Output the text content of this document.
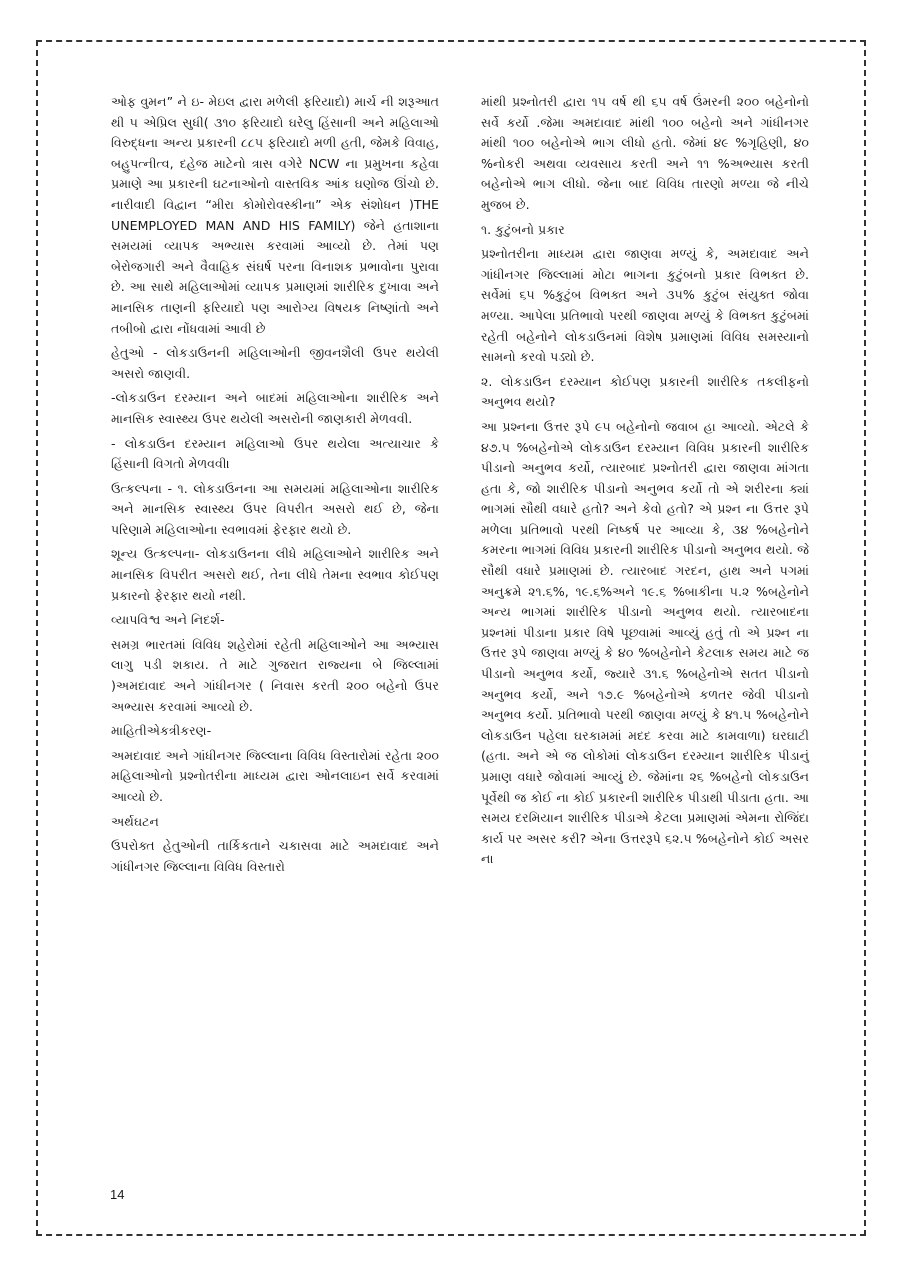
ઓફ વુમન” ને ઇ- મેઇલ દ્વારા મળેલી ફરિયાદો) માર્ચ ની શરૂઆત થી ૫ એપ્રિલ સુધી( ૩૧૦ ફરિયાદો ઘરેલુ હિંસાની અને મહિલાઓ વિરુદ્ધના અન્ય પ્રકારની ૮૮૫ ફરિયાદો મળી હતી, જેમકે વિવાહ, બહુપત્નીત્વ, દહેજ માટેનો ત્રાસ વગેરે NCW ના પ્રમુખના કહેવા પ્રમાણે આ પ્રકારની ઘટનાઓનો વાસ્તવિક આંક ઘણોજ ઊંચો છે. નારીવાદી વિદ્વાન “મીરા કોમોરોવસ્કીના” એક સંશોધન )THE UNEMPLOYED MAN AND HIS FAMILY) જેને હતાશાના સમયમાં વ્યાપક અભ્યાસ કરવામાં આવ્યો છે. તેમાં પણ બેરોજગારી અને વૈવાહિક સંઘર્ષ પરના વિનાશક પ્રભાવોના પુરાવા છે. આ સાથે મહિલાઓમાં વ્યાપક પ્રમાણમાં શારીરિક દુખાવા અને માનસિક તાણની ફરિયાદો પણ આરોગ્ય વિષયક નિષ્ણાંતો અને તબીબો દ્વારા નોંધવામાં આવી છે

હેતુઓ - લોકડાઉનની મહિલાઓની જીવનશૈલી ઉપર થયેલી અસરો જાણવી.

-લોકડાઉન દરમ્યાન અને બાદમાં મહિલાઓના શારીરિક અને માનસિક સ્વાસ્થ્ય ઉપર થયેલી અસરોની જાણકારી મેળવવી.

- લોકડાઉન દરમ્યાન મહિલાઓ ઉપર થયેલા અત્યાચાર કે હિંસાની વિગતો મેળવવી।

ઉત્કલ્પના - ૧. લોકડાઉનના આ સમયમાં મહિલાઓના શારીરિક અને માનસિક સ્વાસ્થ્ય ઉપર વિપરીત અસરો થઈ છે, જેના પરિણામે મહિલાઓના સ્વભાવમાં ફેરફાર થયો છે.

શૂન્ય ઉત્કલ્પના- લોકડાઉનના લીધે મહિલાઓને શારીરિક અને માનસિક વિપરીત અસરો થઈ, તેના લીધે તેમના સ્વભાવ કોઈપણ પ્રકારનો ફેરફાર થયો નથી.

વ્યાપવિશ્વ અને નિદર્શ-

સમગ્ર ભારતમાં વિવિધ શહેરોમાં રહેતી મહિલાઓને આ અભ્યાસ લાગુ પડી શકાય. તે માટે ગુજરાત રાજ્યના બે જિલ્લામાં )અમદાવાદ અને ગાંધીનગર ( નિવાસ કરતી ૨૦૦ બહેનો ઉપર અભ્યાસ કરવામાં આવ્યો છે.

માહિતીએકત્રીકરણ-

અમદાવાદ અને ગાંધીનગર જિલ્લાના વિવિધ વિસ્તારોમાં રહેતા ૨૦૦ મહિલાઓનો પ્રશ્નોતરીના માધ્યમ દ્વારા ઓનલાઇન સર્વે કરવામાં આવ્યો છે.

અર્થઘટન

ઉપરોક્ત હેતુઓની તાર્કિકતાને ચકાસવા માટે અમદાવાદ અને ગાંધીનગર જિલ્લાના વિવિધ વિસ્તારો

માંથી પ્રશ્નોતરી દ્વારા ૧૫ વર્ષ થી ૬૫ વર્ષ ઉંમરની ૨૦૦ બહેનોનો સર્વે કર્યો .જેમા અમદાવાદ માંથી ૧૦૦ બહેનો અને ગાંધીનગર માંથી ૧૦૦ બહેનોએ ભાગ લીધો હતો. જેમાં ૪૯ %ગૃહિણી, ૪૦ %નોકરી અથવા વ્યવસાય કરતી અને ૧૧ %અભ્યાસ કરતી બહેનોએ ભાગ લીધો. જેના બાદ વિવિધ તારણો મળ્યા જે નીચે મુજબ છે.

૧. કુટુંબનો પ્રકાર

પ્રશ્નોતરીના માધ્યમ દ્વારા જાણવા મળ્યું કે, અમદાવાદ અને ગાંધીનગર જિલ્લામાં મોટા ભાગના કુટુંબનો પ્રકાર વિભક્ત છે. સર્વેમાં ૬૫ %કુટુંબ વિભક્ત અને ૩૫% કુટુંબ સંયુક્ત જોવા મળ્યા. આપેલા પ્રતિભાવો પરથી જાણવા મળ્યું કે વિભક્ત કુટુંબમાં રહેતી બહેનોને લોકડાઉનમાં વિશેષ પ્રમાણમાં વિવિધ સમસ્યાનો સામનો કરવો પડ્યો છે.

૨. લોકડાઉન દરમ્યાન કોઈપણ પ્રકારની શારીરિક તકલીફનો અનુભવ થયો?

આ પ્રશ્નના ઉત્તર રૂપે ૯૫ બહેનોનો જવાબ હા આવ્યો. એટલે કે ૪૭.૫ %બહેનોએ લોકડાઉન દરમ્યાન વિવિધ પ્રકારની શારીરિક પીડાનો અનુભવ કર્યો, ત્યારબાદ પ્રશ્નોતરી દ્વારા જાણવા માંગતા હતા કે, જો શારીરિક પીડાનો અનુભવ કર્યો તો એ શરીરના ક્યાં ભાગમાં સૌથી વધારે હતો? અને કેવો હતો? એ પ્રશ્ન ના ઉત્તર રૂપે મળેલા પ્રતિભાવો પરથી નિષ્કર્ષ પર આવ્યા કે, ૩૪ %બહેનોને કમરના ભાગમાં વિવિધ પ્રકારની શારીરિક પીડાનો અનુભવ થયો. જે સૌથી વધારે પ્રમાણમાં છે. ત્યારબાદ ગરદન, હાથ અને પગમાં અનુક્રમે ૨૧.૬%, ૧૯.૬%અને ૧૯.૬ %બાકીના ૫.૨ %બહેનોને અન્ય ભાગમાં શારીરિક પીડાનો અનુભવ થયો. ત્યારબાદના પ્રશ્નમાં પીડાના પ્રકાર વિષે પૂછવામાં આવ્યું હતું તો એ પ્રશ્ન ના ઉત્તર રૂપે જાણવા મળ્યું કે ૪૦ %બહેનોને કેટલાક સમય માટે જ પીડાનો અનુભવ કર્યો, જ્યારે ૩૧.૬ %બહેનોએ સતત પીડાનો અનુભવ કર્યો, અને ૧૭.૯ %બહેનોએ કળતર જેવી પીડાનો અનુભવ કર્યો. પ્રતિભાવો પરથી જાણવા મળ્યું કે ૪૧.૫ %બહેનોને લોકડાઉન પહેલા ઘરકામમાં મદદ કરવા માટે કામવાળા) ઘરઘાટી (હતા. અને એ જ લોકોમાં લોકડાઉન દરમ્યાન શારીરિક પીડાનું પ્રમાણ વધારે જોવામાં આવ્યું છે. જેમાંના ૨૬ %બહેનો લોકડાઉન પૂર્વેથી જ કોઈ ના કોઈ પ્રકારની શારીરિક પીડાથી પીડાતા હતા. આ સમય દરમિયાન શારીરિક પીડાએ કેટલા પ્રમાણમાં એમના રોજિંદા કાર્ય પર અસર કરી? એના ઉત્તરરૂપે ૬૨.૫ %બહેનોને કોઈ અસર ના

14
